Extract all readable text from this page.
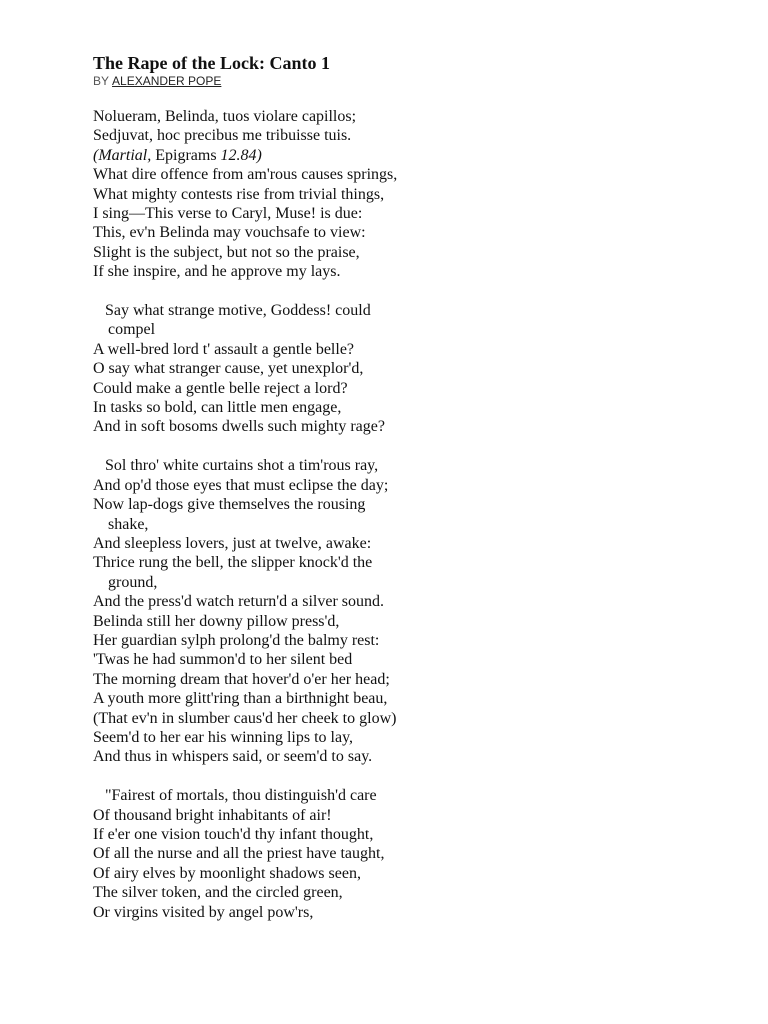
The Rape of the Lock: Canto 1
BY ALEXANDER POPE
Nolueram, Belinda, tuos violare capillos;
Sedjuvat, hoc precibus me tribuisse tuis.
(Martial, Epigrams 12.84)
What dire offence from am'rous causes springs,
What mighty contests rise from trivial things,
I sing—This verse to Caryl, Muse! is due:
This, ev'n Belinda may vouchsafe to view:
Slight is the subject, but not so the praise,
If she inspire, and he approve my lays.
Say what strange motive, Goddess! could
compel
A well-bred lord t' assault a gentle belle?
O say what stranger cause, yet unexplor'd,
Could make a gentle belle reject a lord?
In tasks so bold, can little men engage,
And in soft bosoms dwells such mighty rage?
Sol thro' white curtains shot a tim'rous ray,
And op'd those eyes that must eclipse the day;
Now lap-dogs give themselves the rousing
shake,
And sleepless lovers, just at twelve, awake:
Thrice rung the bell, the slipper knock'd the
ground,
And the press'd watch return'd a silver sound.
Belinda still her downy pillow press'd,
Her guardian sylph prolong'd the balmy rest:
'Twas he had summon'd to her silent bed
The morning dream that hover'd o'er her head;
A youth more glitt'ring than a birthnight beau,
(That ev'n in slumber caus'd her cheek to glow)
Seem'd to her ear his winning lips to lay,
And thus in whispers said, or seem'd to say.
"Fairest of mortals, thou distinguish'd care
Of thousand bright inhabitants of air!
If e'er one vision touch'd thy infant thought,
Of all the nurse and all the priest have taught,
Of airy elves by moonlight shadows seen,
The silver token, and the circled green,
Or virgins visited by angel pow'rs,
